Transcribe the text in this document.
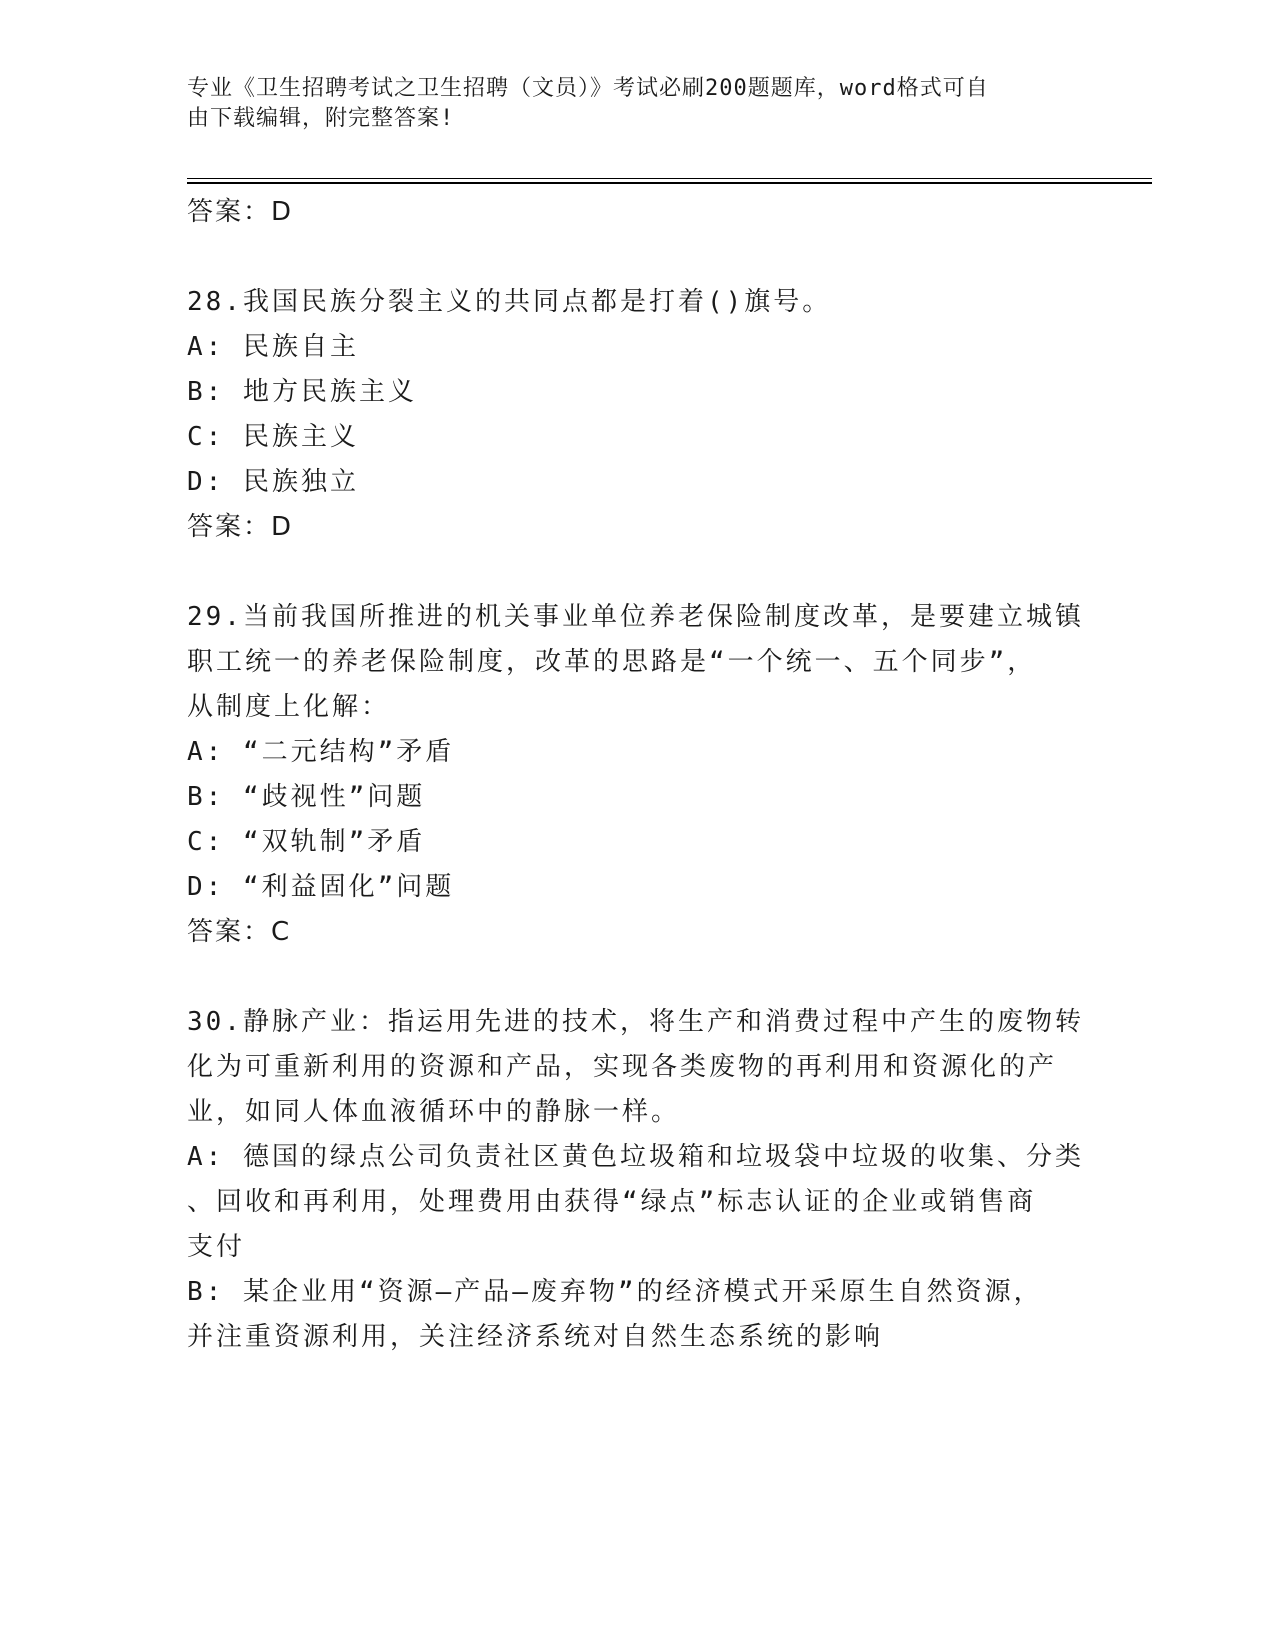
专业《卫生招聘考试之卫生招聘（文员）》考试必刷200题题库，word格式可自
由下载编辑，附完整答案!
答案：D
28.我国民族分裂主义的共同点都是打着()旗号。
A: 民族自主
B: 地方民族主义
C: 民族主义
D: 民族独立
答案：D
29.当前我国所推进的机关事业单位养老保险制度改革，是要建立城镇
职工统一的养老保险制度，改革的思路是“一个统一、五个同步”，
从制度上化解：
A: “二元结构”矛盾
B: “歧视性”问题
C: “双轨制”矛盾
D: “利益固化”问题
答案：C
30.静脉产业：指运用先进的技术，将生产和消费过程中产生的废物转
化为可重新利用的资源和产品，实现各类废物的再利用和资源化的产
业，如同人体血液循环中的静脉一样。
A: 德国的绿点公司负责社区黄色垃圾箱和垃圾袋中垃圾的收集、分类
、回收和再利用，处理费用由获得“绿点”标志认证的企业或销售商
支付
B: 某企业用“资源—产品—废弃物”的经济模式开采原生自然资源，
并注重资源利用，关注经济系统对自然生态系统的影响
